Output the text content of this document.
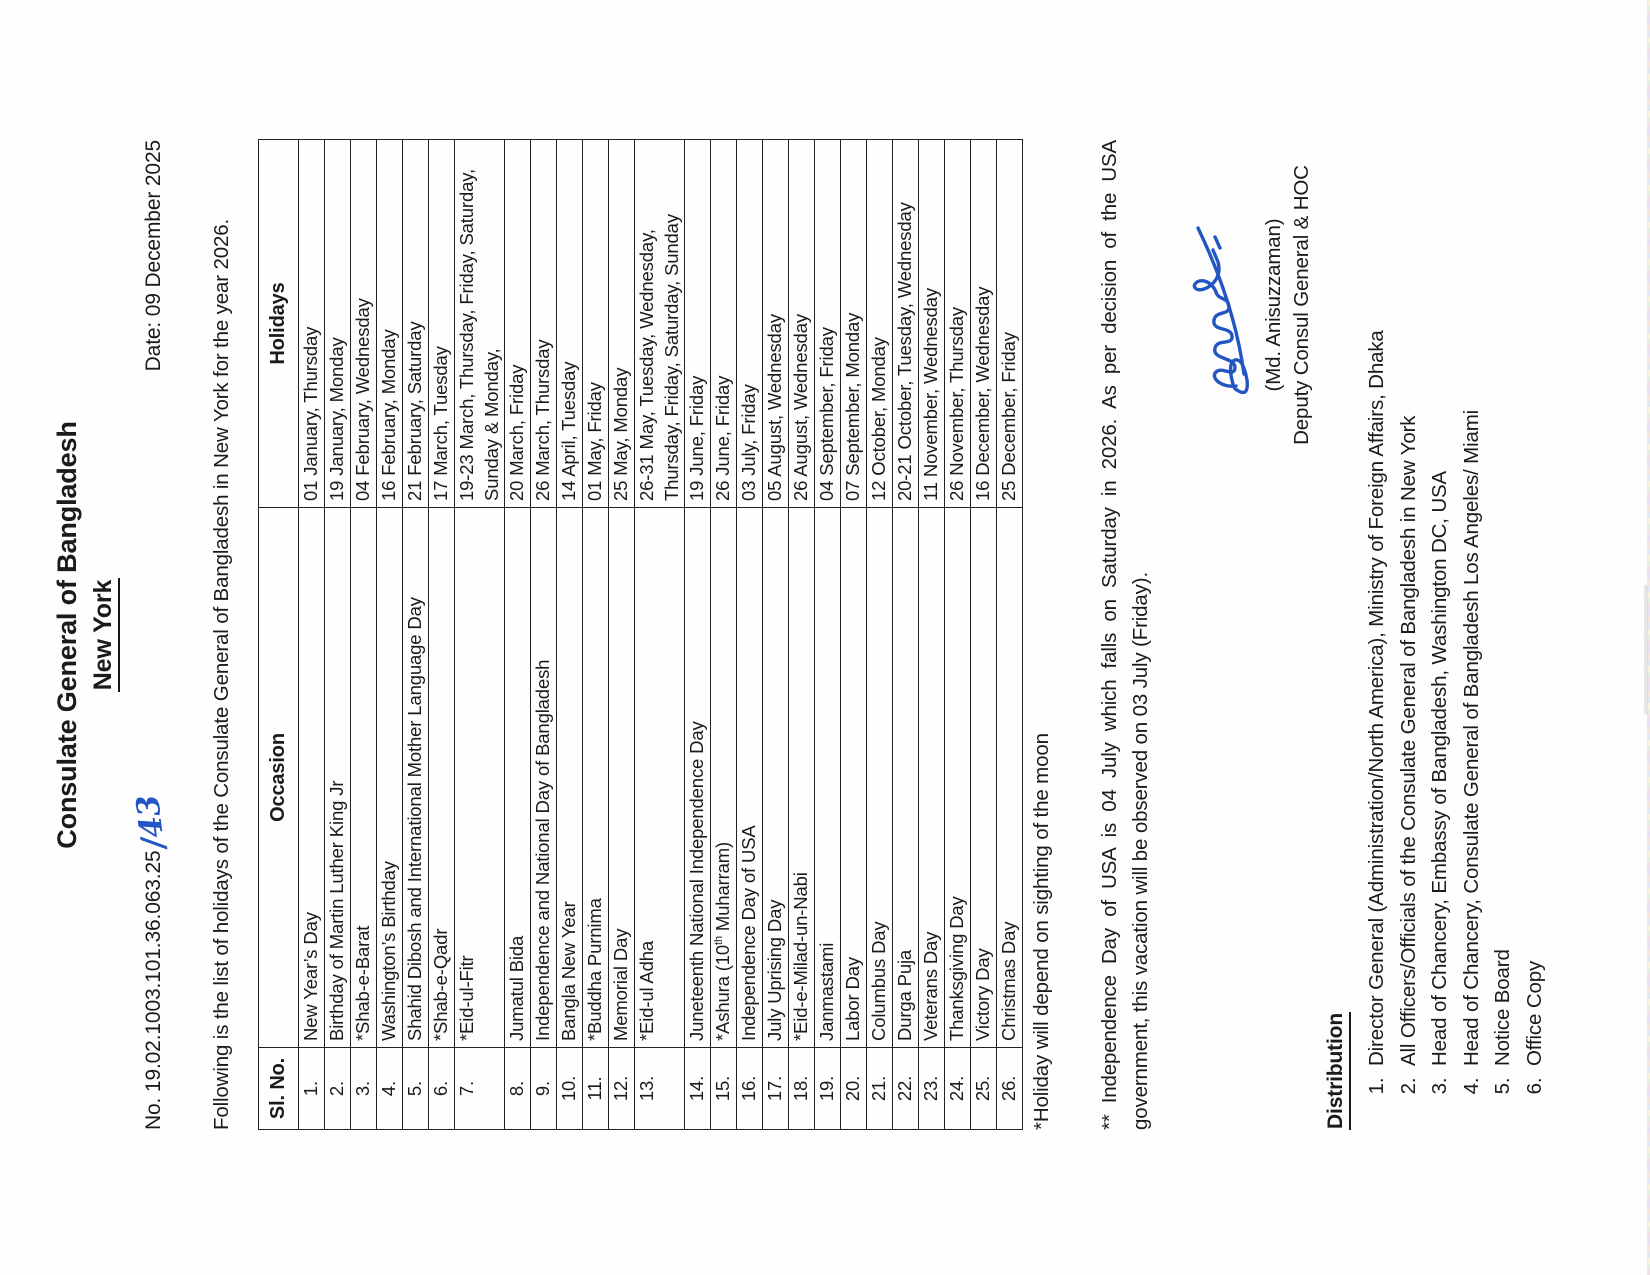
Consulate General of Bangladesh New York
No. 19.02.1003.101.36.063.25/43
Date: 09 December 2025 Following is the list of holidays of the Consulate General of Bangladesh in New York for the year 2026. Sl. No.	Occasion	Holidays
1.	New Year’s Day	01 January, Thursday

2.	Birthday of Martin Luther King Jr	19 January, Monday

3.	*Shab-e-Barat	04 February, Wednesday

4.	Washington’s Birthday	16 February, Monday

5.	Shahid Dibosh and International Mother Language Day	21 February, Saturday

6.	*Shab-e-Qadr	17 March, Tuesday

7.	*Eid-ul-Fitr	19-23 March, Thursday, Friday, Saturday, Sunday & Monday,

8.	Jumatul Bida	20 March, Friday

9.	Independence and National Day of Bangladesh	26 March, Thursday

10.	Bangla New Year	14 April, Tuesday

11.	*Buddha Purnima	01 May, Friday

12.	Memorial Day	25 May, Monday

13.	*Eid-ul Adha	26-31 May, Tuesday, Wednesday, Thursday, Friday, Saturday, Sunday

14.	Juneteenth National Independence Day	19 June, Friday

15.	*Ashura (10th Muharram)	26 June, Friday

16.	Independence Day of USA	03 July, Friday

17.	July Uprising Day	05 August, Wednesday

18.	*Eid-e-Milad-un-Nabi	26 August, Wednesday

19.	Janmastami	04 September, Friday

20.	Labor Day	07 September, Monday

21.	Columbus Day	12 October, Monday

22.	Durga Puja	20-21 October, Tuesday, Wednesday

23.	Veterans Day	11 November, Wednesday

24.	Thanksgiving Day	26 November, Thursday

25.	Victory Day	16 December, Wednesday

26.	Christmas Day	25 December, Friday
*Holiday will depend on sighting of the moon ** Independence Day of USA is 04 July which falls on Saturday in 2026. As per decision of the USA government, this vacation will be observed on 03 July (Friday).
(Md. Anisuzzaman) Deputy Consul General & HOC
Distribution
1. Director General (Administration/North America), Ministry of Foreign Affairs, Dhaka 2. All Officers/Officials of the Consulate General of Bangladesh in New York 3. Head of Chancery, Embassy of Bangladesh, Washington DC, USA 4. Head of Chancery, Consulate General of Bangladesh Los Angeles/ Miami 5. Notice Board 6. Office Copy
